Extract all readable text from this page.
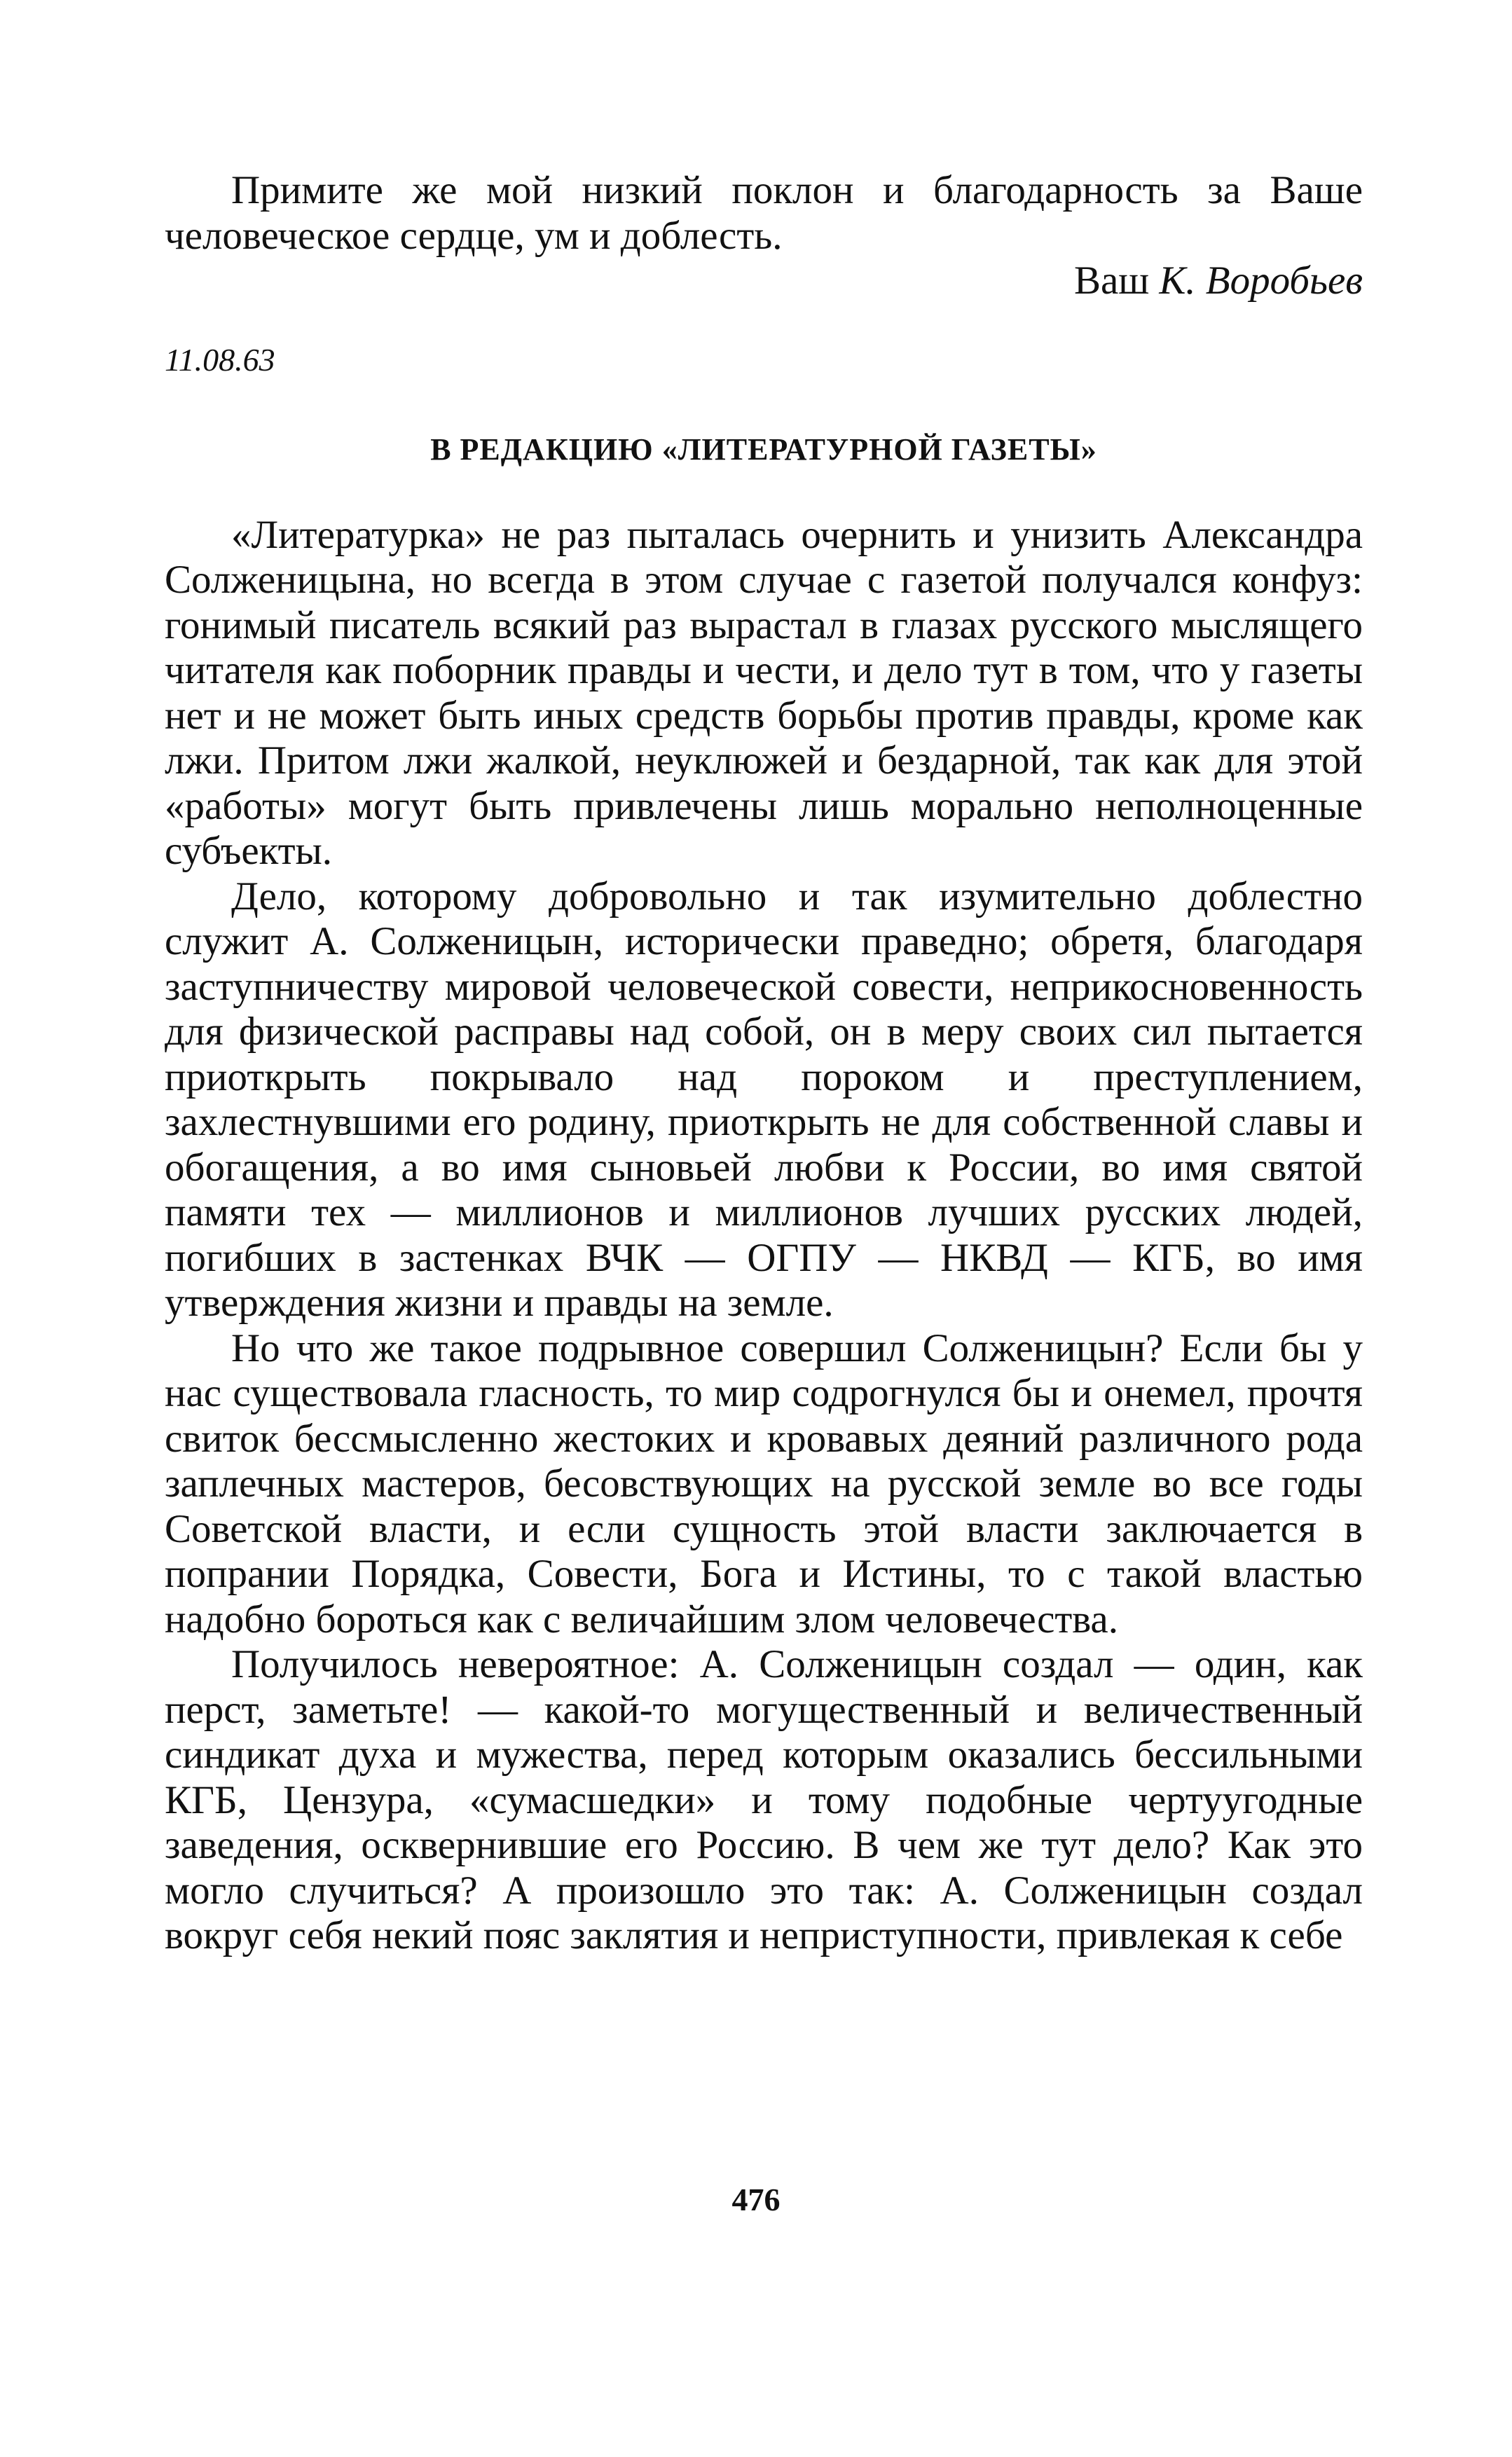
Примите же мой низкий поклон и благодарность за Ваше человеческое сердце, ум и доблесть.

Ваш К. Воробьев

11.08.63

В РЕДАКЦИЮ «ЛИТЕРАТУРНОЙ ГАЗЕТЫ»

«Литературка» не раз пыталась очернить и унизить Александра Солженицына, но всегда в этом случае с газетой получался конфуз: гонимый писатель всякий раз вырастал в глазах русского мыслящего читателя как поборник правды и чести, и дело тут в том, что у газеты нет и не может быть иных средств борьбы против правды, кроме как лжи. Притом лжи жалкой, неуклюжей и бездарной, так как для этой «работы» могут быть привлечены лишь морально неполноценные субъекты.

Дело, которому добровольно и так изумительно доблестно служит А. Солженицын, исторически праведно; обретя, благодаря заступничеству мировой человеческой совести, неприкосновенность для физической расправы над собой, он в меру своих сил пытается приоткрыть покрывало над пороком и преступлением, захлестнувшими его родину, приоткрыть не для собственной славы и обогащения, а во имя сыновьей любви к России, во имя святой памяти тех — миллионов и миллионов лучших русских людей, погибших в застенках ВЧК — ОГПУ — НКВД — КГБ, во имя утверждения жизни и правды на земле.

Но что же такое подрывное совершил Солженицын? Если бы у нас существовала гласность, то мир содрогнулся бы и онемел, прочтя свиток бессмысленно жестоких и кровавых деяний различного рода заплечных мастеров, бесовствующих на русской земле во все годы Советской власти, и если сущность этой власти заключается в попрании Порядка, Совести, Бога и Истины, то с такой властью надобно бороться как с величайшим злом человечества.

Получилось невероятное: А. Солженицын создал — один, как перст, заметьте! — какой-то могущественный и величественный синдикат духа и мужества, перед которым оказались бессильными КГБ, Цензура, «сумасшедки» и тому подобные чертуугодные заведения, осквернившие его Россию. В чем же тут дело? Как это могло случиться? А произошло это так: А. Солженицын создал вокруг себя некий пояс заклятия и неприступности, привлекая к себе

476
